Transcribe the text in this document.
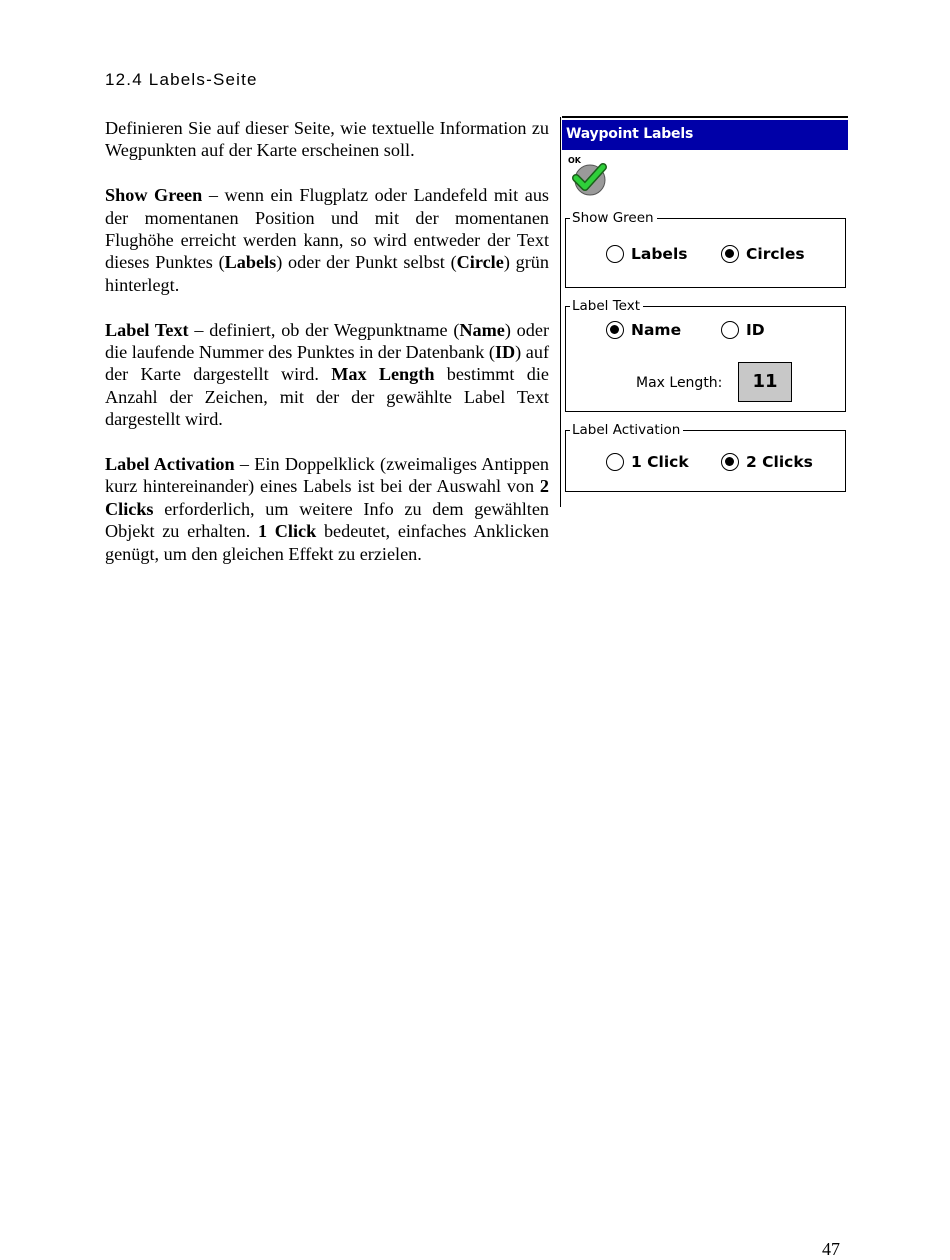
12.4 Labels-Seite

Definieren Sie auf dieser Seite, wie textuelle Information zu Wegpunkten auf der Karte erscheinen soll.

Show Green – wenn ein Flugplatz oder Landefeld mit aus der momentanen Position und mit der momentanen Flughöhe erreicht werden kann, so wird entweder der Text dieses Punktes (Labels) oder der Punkt selbst (Circle) grün hinterlegt.

Label Text – definiert, ob der Wegpunktname (Name) oder die laufende Nummer des Punktes in der Datenbank (ID) auf der Karte dargestellt wird. Max Length bestimmt die Anzahl der Zeichen, mit der der gewählte Label Text dargestellt wird.

Label Activation – Ein Doppelklick (zweimaliges Antippen kurz hintereinander) eines Labels ist bei der Auswahl von 2 Clicks erforderlich, um weitere Info zu dem gewählten Objekt zu erhalten. 1 Click bedeutet, einfaches Anklicken genügt, um den gleichen Effekt zu erzielen.

Waypoint Labels
OK
Show Green
Labels	Circles
Label Text
Name	ID
Max Length:	11
Label Activation
1 Click	2 Clicks
47
